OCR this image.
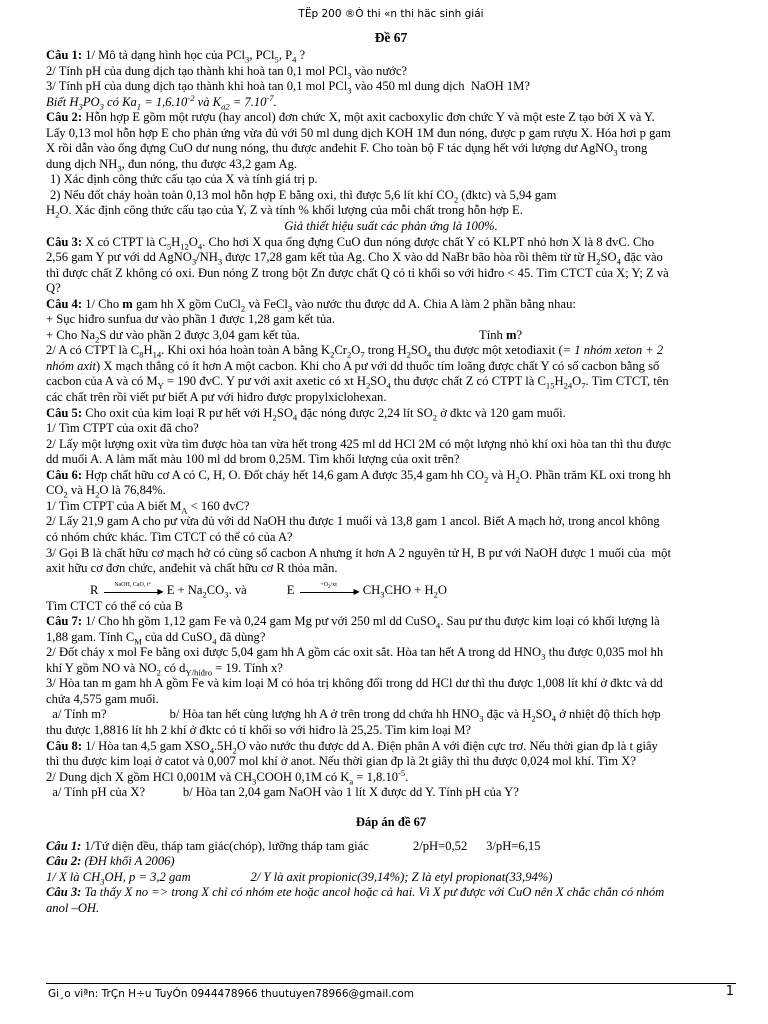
TËp 200 ®Ò thi «n thi häc sinh giái
Đề 67
Câu 1: 1/ Mô tả dạng hình học của PCl$_3$, PCl$_5$, $P_4$ ?
2/ Tính pH của dung dịch tạo thành khi hoà tan 0,1 mol PCl$_3$ vào nước?
3/ Tính pH của dung dịch tạo thành khi hoà tan 0,1 mol PCl$_3$ vào 450 ml dung dịch  NaOH 1M?
Biết $H_3PO_3$ có $Ka_1 = 1,6.10^{-2}$ và $K_{a2} = 7.10^{-7}$.
Câu 2: Hỗn hợp E gồm một rượu (hay ancol) đơn chức X, một axit cacboxylic đơn chức Y và một este Z tạo bởi X và Y.
Lấy 0,13 mol hỗn hợp E cho phản ứng vừa đủ với 50 ml dung dịch KOH 1M đun nóng, được p gam rượu X. Hóa hơi p gam
X rồi dẫn vào ống đựng CuO dư nung nóng, thu được anđehit F. Cho toàn bộ F tác dụng hết với lượng dư AgNO$_3$ trong
dung dịch $NH_3$, đun nóng, thu được 43,2 gam Ag.
1) Xác định công thức cấu tạo của X và tính giá trị p.
2) Nếu đốt cháy hoàn toàn 0,13 mol hỗn hợp E bằng oxi, thì được 5,6 lít khí $CO_2$ (đktc) và 5,94 gam
$H_2O$. Xác định công thức cấu tạo của Y, Z và tính % khối lượng của mỗi chất trong hỗn hợp E.
Giả thiết hiệu suất các phản ứng là 100%.
Câu 3: X có CTPT là $C_5H_{12}O_4$. Cho hơi X qua ống đựng CuO đun nóng được chất Y có KLPT nhỏ hơn X là 8 đvC. Cho
2,56 gam Y pư với dd $AgNO_3/NH_3$ được 17,28 gam kết tủa Ag. Cho X vào dd NaBr bão hòa rồi thêm từ từ $H_2SO_4$ đặc vào
thì được chất Z không có oxi. Đun nóng Z trong bột Zn được chất Q có tỉ khối so với hiđro < 45. Tìm CTCT của X; Y; Z và
Q?
Câu 4: 1/ Cho m gam hh X gồm CuCl$_2$ và FeCl$_3$ vào nước thu được dd A. Chia A làm 2 phần bằng nhau:
+ Sục hiđro sunfua dư vào phần 1 được 1,28 gam kết tủa.
+ Cho $Na_2S$ dư vào phần 2 được 3,04 gam kết tủa.                                                         Tính m?
2/ A có CTPT là $C_8H_{14}$. Khi oxi hóa hoàn toàn A bằng $K_2Cr_2O_7$ trong $H_2SO_4$ thu được một xetođiaxit (= 1 nhóm xeton + 2
nhóm axit) X mạch thẳng có ít hơn A một cacbon. Khi cho A pư với dd thuốc tím loãng được chất Y có số cacbon bằng số
cacbon của A và có $M_Y = 190$ đvC. Y pư với axit axetic có xt $H_2SO_4$ thu được chất Z có CTPT là $C_{15}H_{24}O_7$. Tìm CTCT, tên
các chất trên rồi viết pư biết A pư với hiđro được propylxiclohexan.
Câu 5: Cho oxit của kim loại R pư hết với $H_2SO_4$ đặc nóng được 2,24 lít $SO_2$ ở đktc và 120 gam muối.
1/ Tìm CTPT của oxit đã cho?
2/ Lấy một lượng oxit vừa tìm được hòa tan vừa hết trong 425 ml dd HCl 2M có một lượng nhỏ khí oxi hòa tan thì thu được
dd muối A. A làm mất màu 100 ml dd brom 0,25M. Tìm khối lượng của oxit trên?
Câu 6: Hợp chất hữu cơ A có C, H, O. Đốt cháy hết 14,6 gam A được 35,4 gam hh $CO_2$ và $H_2O$. Phần trăm KL oxi trong hh
$CO_2$ và $H_2O$ là 76,84%.
1/ Tìm CTPT của A biết $M_A < 160$ đvC?
2/ Lấy 21,9 gam A cho pư vừa đủ với dd NaOH thu được 1 muối và 13,8 gam 1 ancol. Biết A mạch hở, trong ancol không
có nhóm chức khác. Tìm CTCT có thể có của A?
3/ Gọi B là chất hữu cơ mạch hở có cùng số cacbon A nhưng ít hơn A 2 nguyên tử H, B pư với NaOH được 1 muối của  một
axit hữu cơ đơn chức, anđehit và chất hữu cơ R thỏa mãn.
R	NaOH, CaO, t°
▶ $E + Na_2CO_3$. và	E	$+O_2/xt$
▶ $CH_3CHO + H_2O$
Tìm CTCT có thể có của B
Câu 7: 1/ Cho hh gồm 1,12 gam Fe và 0,24 gam Mg pư với 250 ml dd CuSO$_4$. Sau pư thu được kim loại có khối lượng là
1,88 gam. Tính $C_M$ của dd CuSO$_4$ đã dùng?
2/ Đốt cháy x mol Fe bằng oxi được 5,04 gam hh A gồm các oxit sắt. Hòa tan hết A trong dd $HNO_3$ thu được 0,035 mol hh
khí Y gồm NO và $NO_2$ có $d_{Y/hiđro} = 19$. Tính x?
3/ Hòa tan m gam hh A gồm Fe và kim loại M có hóa trị không đổi trong dd HCl dư thì thu được 1,008 lít khí ở đktc và dd
chứa 4,575 gam muối.
a/ Tính m?                    b/ Hòa tan hết cùng lượng hh A ở trên trong dd chứa hh $HNO_3$ đặc và $H_2SO_4$ ở nhiệt độ thích hợp
thu được 1,8816 lít hh 2 khí ở đktc có tỉ khối so với hiđro là 25,25. Tìm kim loại M?
Câu 8: 1/ Hòa tan 4,5 gam $XSO_4.5H_2O$ vào nước thu được dd A. Điện phân A với điện cực trơ. Nếu thời gian đp là t giây
thì thu được kim loại ở catot và 0,007 mol khí ở anot. Nếu thời gian đp là 2t giây thì thu được 0,024 mol khí. Tìm X?
2/ Dung dịch X gồm HCl 0,001M và $CH_3COOH$ 0,1M có $K_a = 1,8.10^{-5}$.
a/ Tính pH của X?            b/ Hòa tan 2,04 gam NaOH vào 1 lít X được dd Y. Tính pH của Y?
Đáp án đề 67
Câu 1: 1/Tứ diện đều, tháp tam giác(chóp), lưỡng tháp tam giác              2/pH=0,52      3/pH=6,15
Câu 2: (ĐH khối A 2006)
1/ X là $CH_3OH$, p = 3,2 gam                   2/ Y là axit propionic(39,14%); Z là etyl propionat(33,94%)
Câu 3: Ta thấy X no => trong X chỉ có nhóm ete hoặc ancol hoặc cả hai. Vì X pư được với CuO nên X chắc chắn có nhóm
anol –OH.
Gi¸o viªn: TrÇn H÷u TuyÓn 0944478966 thuutuyen78966@gmail.com	1
